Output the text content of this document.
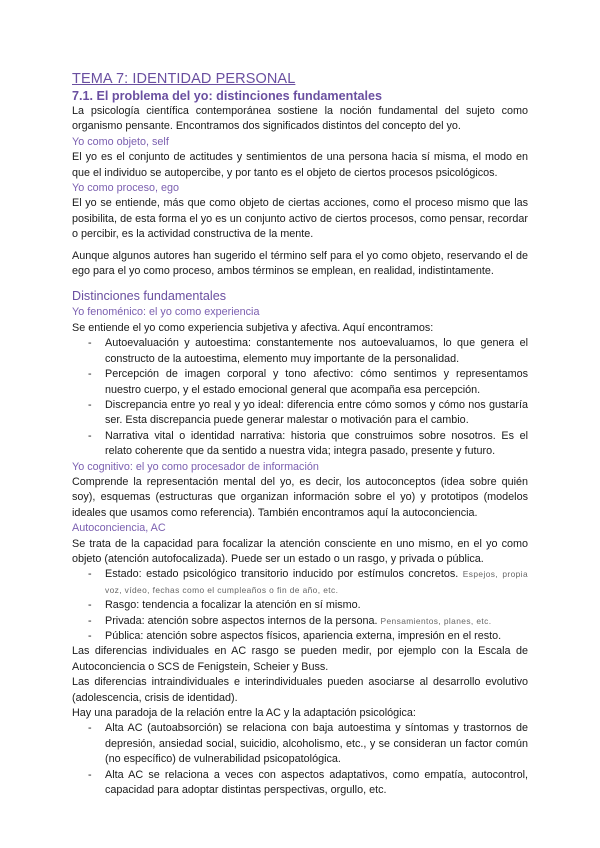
TEMA 7: IDENTIDAD PERSONAL
7.1. El problema del yo: distinciones fundamentales

La psicología científica contemporánea sostiene la noción fundamental del sujeto como organismo pensante. Encontramos dos significados distintos del concepto del yo.

Yo como objeto, self

El yo es el conjunto de actitudes y sentimientos de una persona hacia sí misma, el modo en que el individuo se autopercibe, y por tanto es el objeto de ciertos procesos psicológicos.

Yo como proceso, ego

El yo se entiende, más que como objeto de ciertas acciones, como el proceso mismo que las posibilita, de esta forma el yo es un conjunto activo de ciertos procesos, como pensar, recordar o percibir, es la actividad constructiva de la mente.

Aunque algunos autores han sugerido el término self para el yo como objeto, reservando el de ego para el yo como proceso, ambos términos se emplean, en realidad, indistintamente.

Distinciones fundamentales
Yo fenoménico: el yo como experiencia

Se entiende el yo como experiencia subjetiva y afectiva. Aquí encontramos:

- Autoevaluación y autoestima: constantemente nos autoevaluamos, lo que genera el constructo de la autoestima, elemento muy importante de la personalidad.
- Percepción de imagen corporal y tono afectivo: cómo sentimos y representamos nuestro cuerpo, y el estado emocional general que acompaña esa percepción.
- Discrepancia entre yo real y yo ideal: diferencia entre cómo somos y cómo nos gustaría ser. Esta discrepancia puede generar malestar o motivación para el cambio.
- Narrativa vital o identidad narrativa: historia que construimos sobre nosotros. Es el relato coherente que da sentido a nuestra vida; integra pasado, presente y futuro.
Yo cognitivo: el yo como procesador de información

Comprende la representación mental del yo, es decir, los autoconceptos (idea sobre quién soy), esquemas (estructuras que organizan información sobre el yo) y prototipos (modelos ideales que usamos como referencia). También encontramos aquí la autoconciencia.

Autoconciencia, AC

Se trata de la capacidad para focalizar la atención consciente en uno mismo, en el yo como objeto (atención autofocalizada). Puede ser un estado o un rasgo, y privada o pública.

- Estado: estado psicológico transitorio inducido por estímulos concretos. Espejos, propia voz, vídeo, fechas como el cumpleaños o fin de año, etc.
- Rasgo: tendencia a focalizar la atención en sí mismo.
- Privada: atención sobre aspectos internos de la persona. Pensamientos, planes, etc.
- Pública: atención sobre aspectos físicos, apariencia externa, impresión en el resto.

Las diferencias individuales en AC rasgo se pueden medir, por ejemplo con la Escala de Autoconciencia o SCS de Fenigstein, Scheier y Buss.

Las diferencias intraindividuales e interindividuales pueden asociarse al desarrollo evolutivo (adolescencia, crisis de identidad).

Hay una paradoja de la relación entre la AC y la adaptación psicológica:

- Alta AC (autoabsorción) se relaciona con baja autoestima y síntomas y trastornos de depresión, ansiedad social, suicidio, alcoholismo, etc., y se consideran un factor común (no específico) de vulnerabilidad psicopatológica.
- Alta AC se relaciona a veces con aspectos adaptativos, como empatía, autocontrol, capacidad para adoptar distintas perspectivas, orgullo, etc.
